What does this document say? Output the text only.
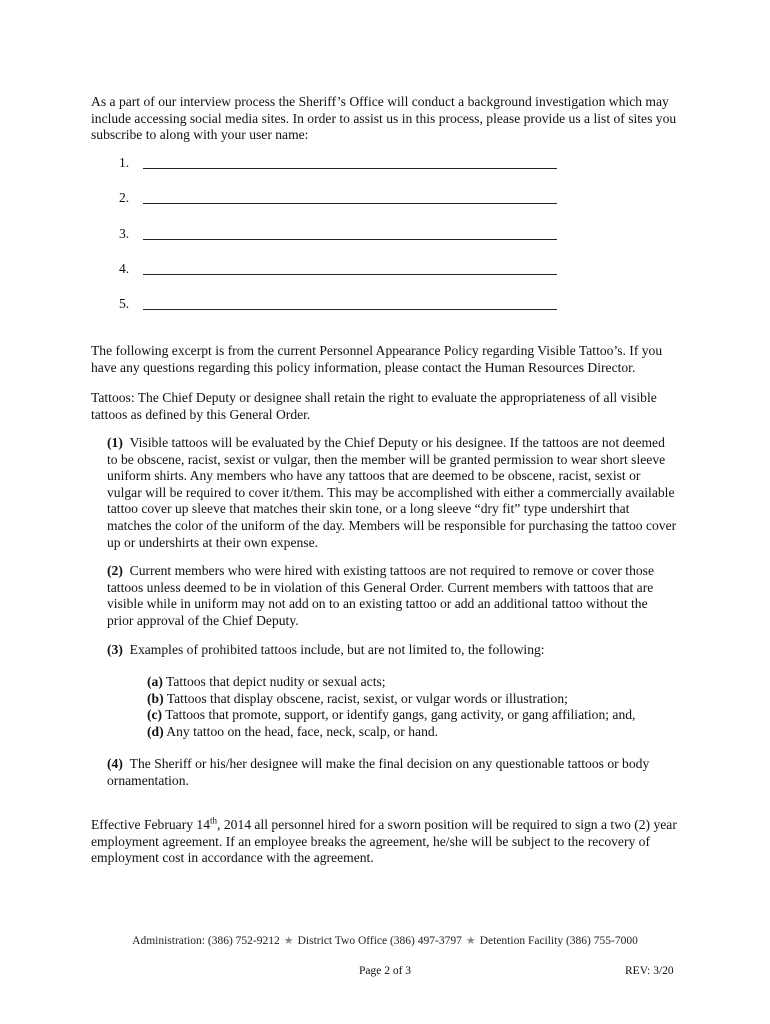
As a part of our interview process the Sheriff’s Office will conduct a background investigation which may include accessing social media sites. In order to assist us in this process, please provide us a list of sites you subscribe to along with your user name:

1.
2.
3.
4.
5.

The following excerpt is from the current Personnel Appearance Policy regarding Visible Tattoo’s. If you have any questions regarding this policy information, please contact the Human Resources Director.

Tattoos: The Chief Deputy or designee shall retain the right to evaluate the appropriateness of all visible tattoos as defined by this General Order.

(1) Visible tattoos will be evaluated by the Chief Deputy or his designee. If the tattoos are not deemed to be obscene, racist, sexist or vulgar, then the member will be granted permission to wear short sleeve uniform shirts. Any members who have any tattoos that are deemed to be obscene, racist, sexist or vulgar will be required to cover it/them. This may be accomplished with either a commercially available tattoo cover up sleeve that matches their skin tone, or a long sleeve “dry fit” type undershirt that matches the color of the uniform of the day. Members will be responsible for purchasing the tattoo cover up or undershirts at their own expense.

(2) Current members who were hired with existing tattoos are not required to remove or cover those tattoos unless deemed to be in violation of this General Order. Current members with tattoos that are visible while in uniform may not add on to an existing tattoo or add an additional tattoo without the prior approval of the Chief Deputy.

(3) Examples of prohibited tattoos include, but are not limited to, the following:

(a) Tattoos that depict nudity or sexual acts;
(b) Tattoos that display obscene, racist, sexist, or vulgar words or illustration;
(c) Tattoos that promote, support, or identify gangs, gang activity, or gang affiliation; and,
(d) Any tattoo on the head, face, neck, scalp, or hand.

(4) The Sheriff or his/her designee will make the final decision on any questionable tattoos or body ornamentation.

Effective February 14th, 2014 all personnel hired for a sworn position will be required to sign a two (2) year employment agreement. If an employee breaks the agreement, he/she will be subject to the recovery of employment cost in accordance with the agreement.

Administration: (386) 752-9212 ★ District Two Office (386) 497-3797 ★ Detention Facility (386) 755-7000
Page 2 of 3	REV: 3/20
